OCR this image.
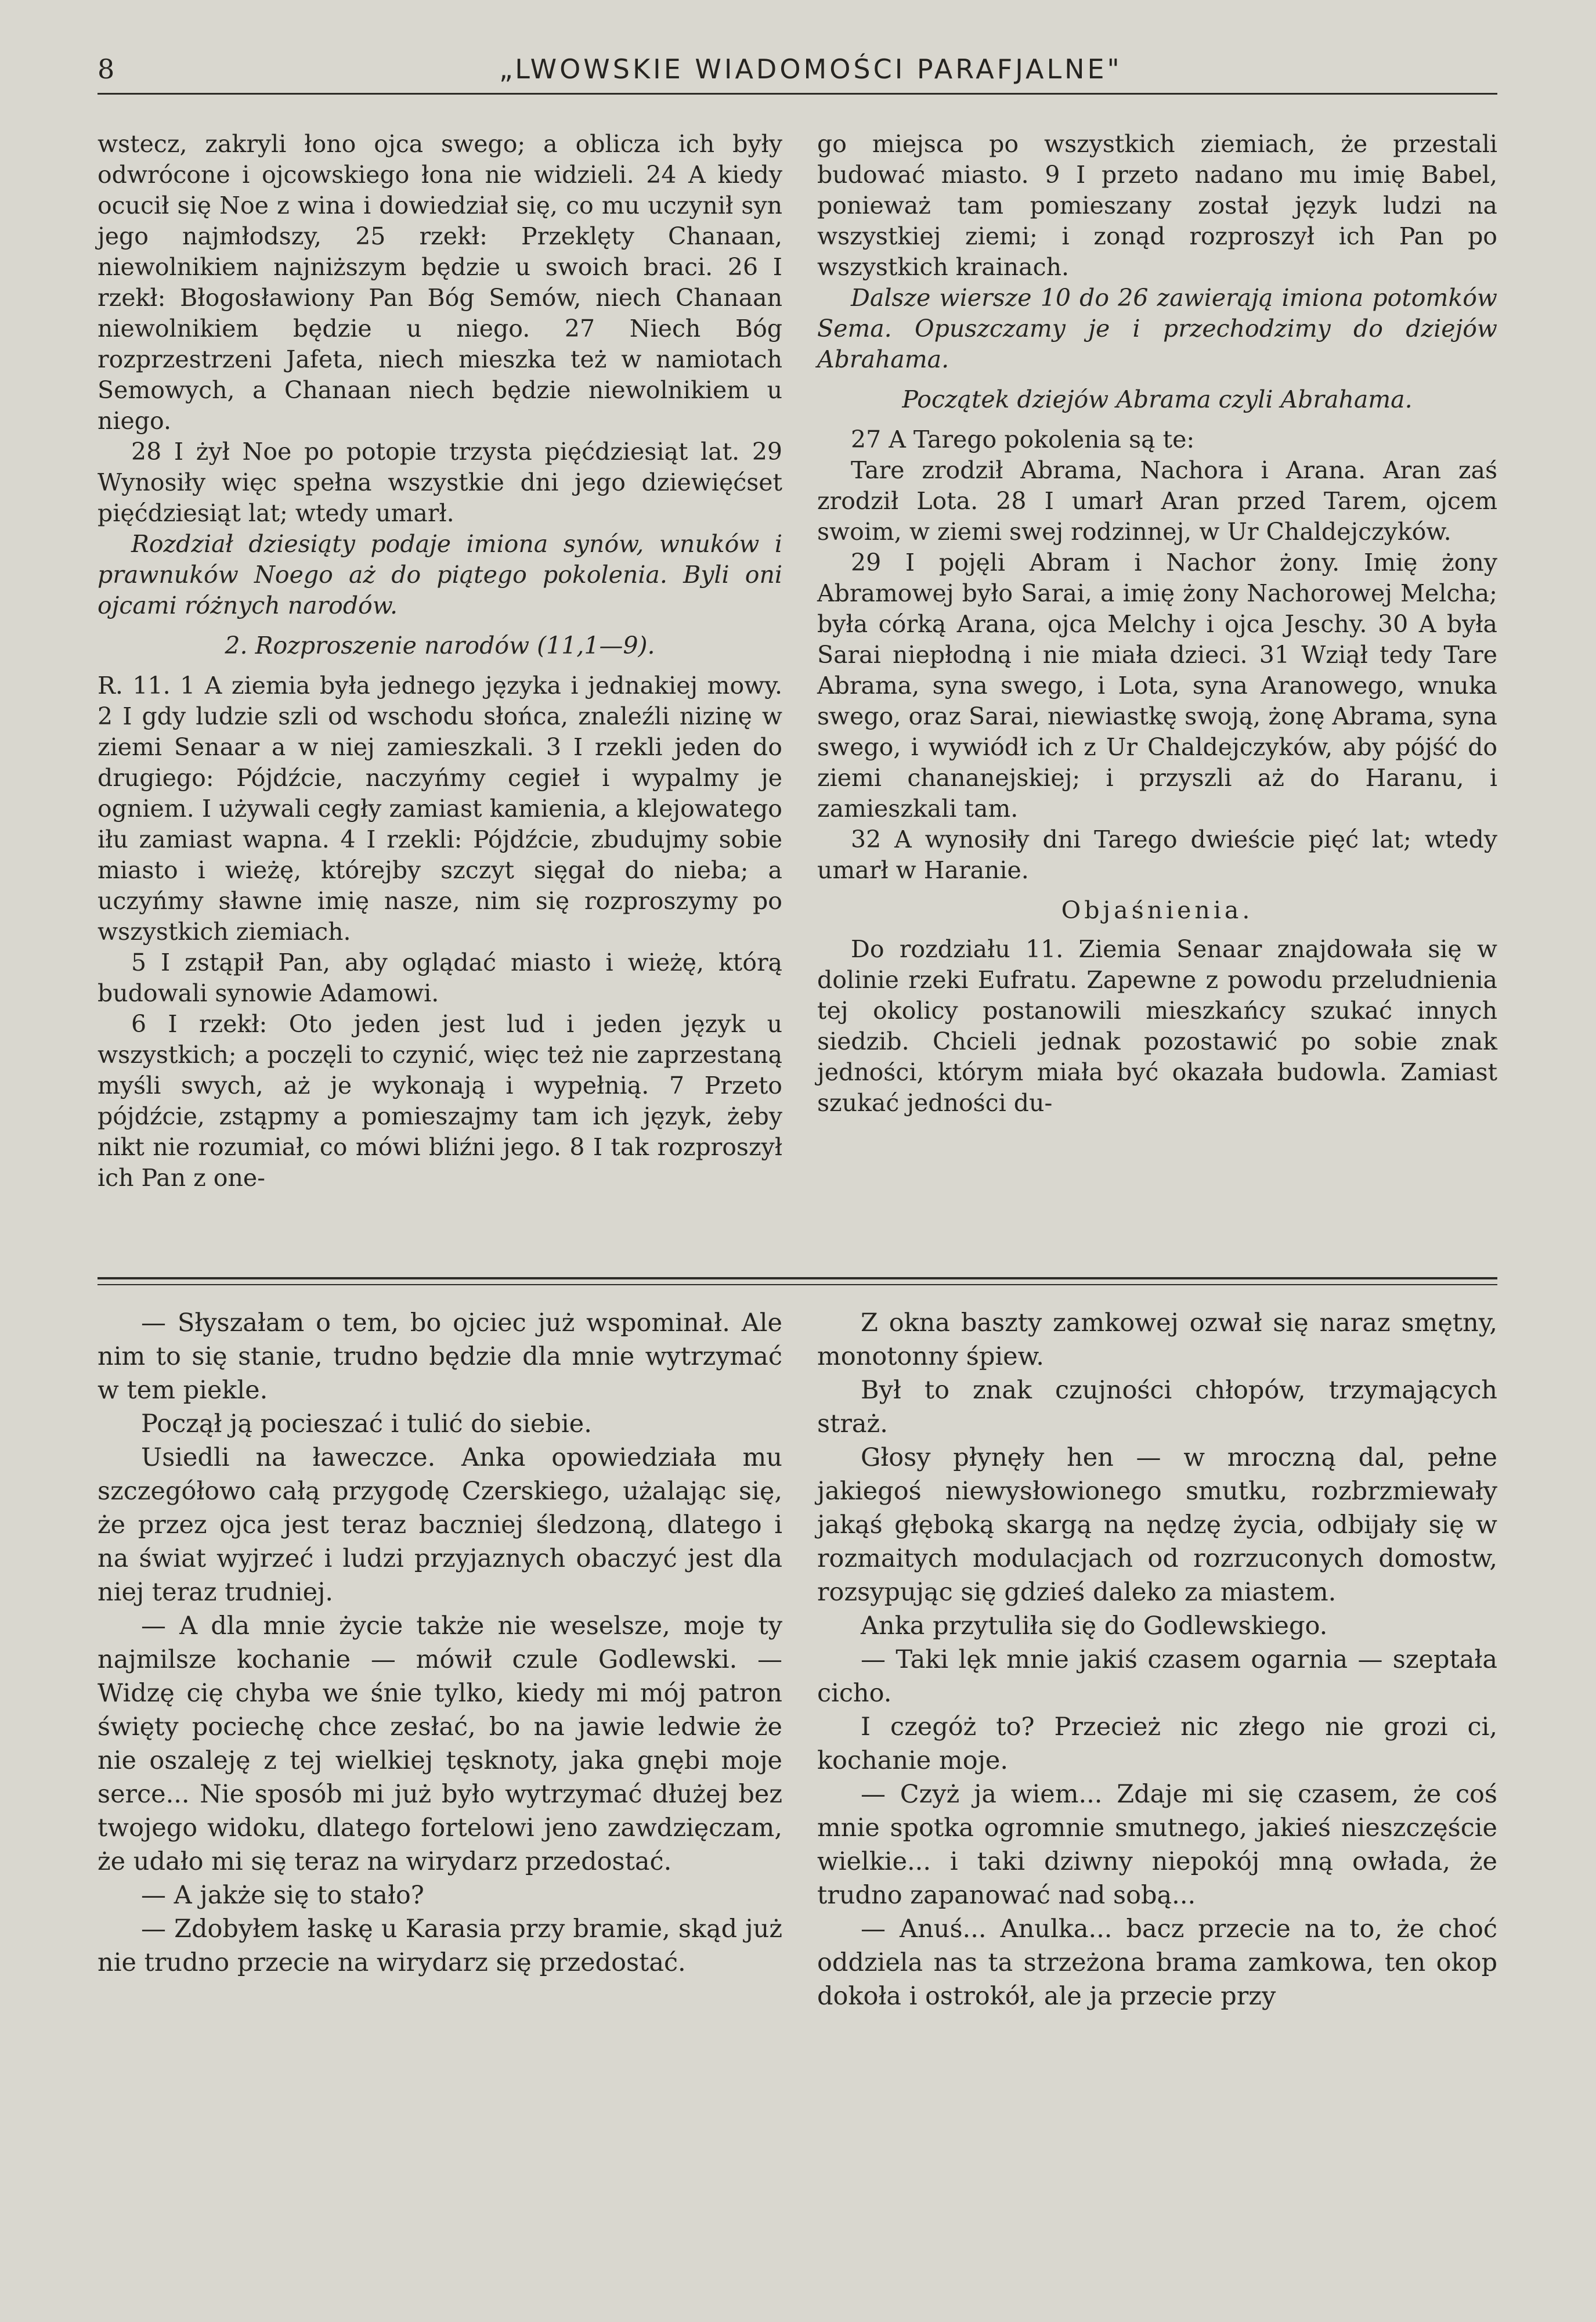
8	„LWOWSKIE WIADOMOŚCI PARAFJALNE"

wstecz, zakryli łono ojca swego; a oblicza ich były odwrócone i ojcowskiego łona nie widzieli. 24 A kiedy ocucił się Noe z wina i dowiedział się, co mu uczynił syn jego najmłodszy, 25 rzekł: Przeklęty Chanaan, niewolnikiem najniższym będzie u swoich braci. 26 I rzekł: Błogosławiony Pan Bóg Semów, niech Chanaan niewolnikiem będzie u niego. 27 Niech Bóg rozprzestrzeni Jafeta, niech mieszka też w namiotach Semowych, a Chanaan niech będzie niewolnikiem u niego.

28 I żył Noe po potopie trzysta pięćdziesiąt lat. 29 Wynosiły więc spełna wszystkie dni jego dziewięćset pięćdziesiąt lat; wtedy umarł.

Rozdział dziesiąty podaje imiona synów, wnuków i prawnuków Noego aż do piątego pokolenia. Byli oni ojcami różnych narodów.

2. Rozproszenie narodów (11,1—9).

R. 11. 1 A ziemia była jednego języka i jednakiej mowy. 2 I gdy ludzie szli od wschodu słońca, znaleźli nizinę w ziemi Senaar a w niej zamieszkali. 3 I rzekli jeden do drugiego: Pójdźcie, naczyńmy cegieł i wypalmy je ogniem. I używali cegły zamiast kamienia, a klejowatego iłu zamiast wapna. 4 I rzekli: Pójdźcie, zbudujmy sobie miasto i wieżę, którejby szczyt sięgał do nieba; a uczyńmy sławne imię nasze, nim się rozproszymy po wszystkich ziemiach.

5 I zstąpił Pan, aby oglądać miasto i wieżę, którą budowali synowie Adamowi.

6 I rzekł: Oto jeden jest lud i jeden język u wszystkich; a poczęli to czynić, więc też nie zaprzestaną myśli swych, aż je wykonają i wypełnią. 7 Przeto pójdźcie, zstąpmy a pomieszajmy tam ich język, żeby nikt nie rozumiał, co mówi bliźni jego. 8 I tak rozproszył ich Pan z one-

go miejsca po wszystkich ziemiach, że przestali budować miasto. 9 I przeto nadano mu imię Babel, ponieważ tam pomieszany został język ludzi na wszystkiej ziemi; i zonąd rozproszył ich Pan po wszystkich krainach.

Dalsze wiersze 10 do 26 zawierają imiona potomków Sema. Opuszczamy je i przechodzimy do dziejów Abrahama.

Początek dziejów Abrama czyli Abrahama.

27 A Tarego pokolenia są te:

Tare zrodził Abrama, Nachora i Arana. Aran zaś zrodził Lota. 28 I umarł Aran przed Tarem, ojcem swoim, w ziemi swej rodzinnej, w Ur Chaldejczyków.

29 I pojęli Abram i Nachor żony. Imię żony Abramowej było Sarai, a imię żony Nachorowej Melcha; była córką Arana, ojca Melchy i ojca Jeschy. 30 A była Sarai niepłodną i nie miała dzieci. 31 Wziął tedy Tare Abrama, syna swego, i Lota, syna Aranowego, wnuka swego, oraz Sarai, niewiastkę swoją, żonę Abrama, syna swego, i wywiódł ich z Ur Chaldejczyków, aby pójść do ziemi chananejskiej; i przyszli aż do Haranu, i zamieszkali tam.

32 A wynosiły dni Tarego dwieście pięć lat; wtedy umarł w Haranie.

Objaśnienia.

Do rozdziału 11. Ziemia Senaar znajdowała się w dolinie rzeki Eufratu. Zapewne z powodu przeludnienia tej okolicy postanowili mieszkańcy szukać innych siedzib. Chcieli jednak pozostawić po sobie znak jedności, którym miała być okazała budowla. Zamiast szukać jedności du-

— Słyszałam o tem, bo ojciec już wspominał. Ale nim to się stanie, trudno będzie dla mnie wytrzymać w tem piekle.

Począł ją pocieszać i tulić do siebie.

Usiedli na ławeczce. Anka opowiedziała mu szczegółowo całą przygodę Czerskiego, użalając się, że przez ojca jest teraz baczniej śledzoną, dlatego i na świat wyjrzeć i ludzi przyjaznych obaczyć jest dla niej teraz trudniej.

— A dla mnie życie także nie weselsze, moje ty najmilsze kochanie — mówił czule Godlewski. — Widzę cię chyba we śnie tylko, kiedy mi mój patron święty pociechę chce zesłać, bo na jawie ledwie że nie oszaleję z tej wielkiej tęsknoty, jaka gnębi moje serce... Nie sposób mi już było wytrzymać dłużej bez twojego widoku, dlatego fortelowi jeno zawdzięczam, że udało mi się teraz na wirydarz przedostać.

— A jakże się to stało?

— Zdobyłem łaskę u Karasia przy bramie, skąd już nie trudno przecie na wirydarz się przedostać.

Z okna baszty zamkowej ozwał się naraz smętny, monotonny śpiew.

Był to znak czujności chłopów, trzymających straż.

Głosy płynęły hen — w mroczną dal, pełne jakiegoś niewysłowionego smutku, rozbrzmiewały jakąś głęboką skargą na nędzę życia, odbijały się w rozmaitych modulacjach od rozrzuconych domostw, rozsypując się gdzieś daleko za miastem.

Anka przytuliła się do Godlewskiego.

— Taki lęk mnie jakiś czasem ogarnia — szeptała cicho.

I czegóż to? Przecież nic złego nie grozi ci, kochanie moje.

— Czyż ja wiem... Zdaje mi się czasem, że coś mnie spotka ogromnie smutnego, jakieś nieszczęście wielkie... i taki dziwny niepokój mną owłada, że trudno zapanować nad sobą...

— Anuś... Anulka... bacz przecie na to, że choć oddziela nas ta strzeżona brama zamkowa, ten okop dokoła i ostrokół, ale ja przecie przy
